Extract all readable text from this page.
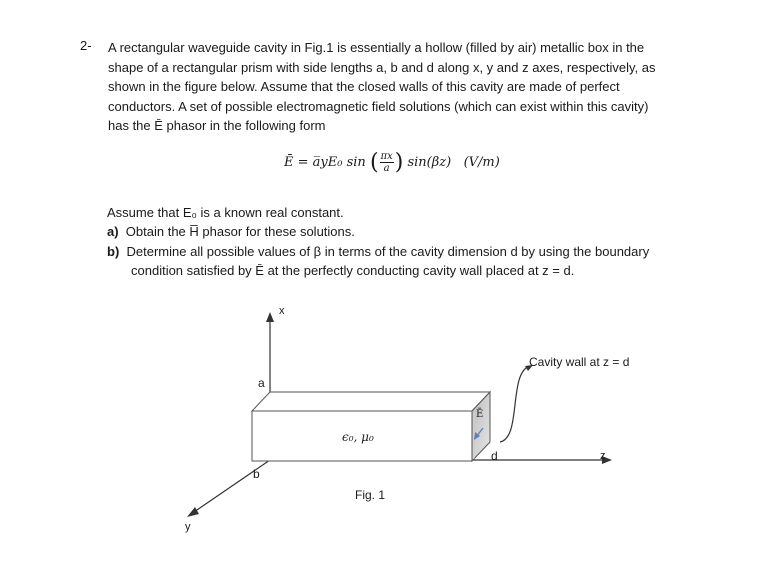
2- A rectangular waveguide cavity in Fig.1 is essentially a hollow (filled by air) metallic box in the
shape of a rectangular prism with side lengths a, b and d along x, y and z axes, respectively, as
shown in the figure below. Assume that the closed walls of this cavity are made of perfect
conductors. A set of possible electromagnetic field solutions (which can exist within this cavity)
has the Ē phasor in the following form
Ē = a̅yE₀ sin ( $\frac{\pi x}{a}$) sin(βz) (V/m)
Assume that E₀ is a known real constant.
a) Obtain the H̅ phasor for these solutions.
b) Determine all possible values of β in terms of the cavity dimension d by using the boundary
condition satisfied by Ē at the perfectly conducting cavity wall placed at z = d.
x
y
z
a
b
d
ϵ₀, μ₀
Ē
Cavity wall at z = d
Fig. 1
